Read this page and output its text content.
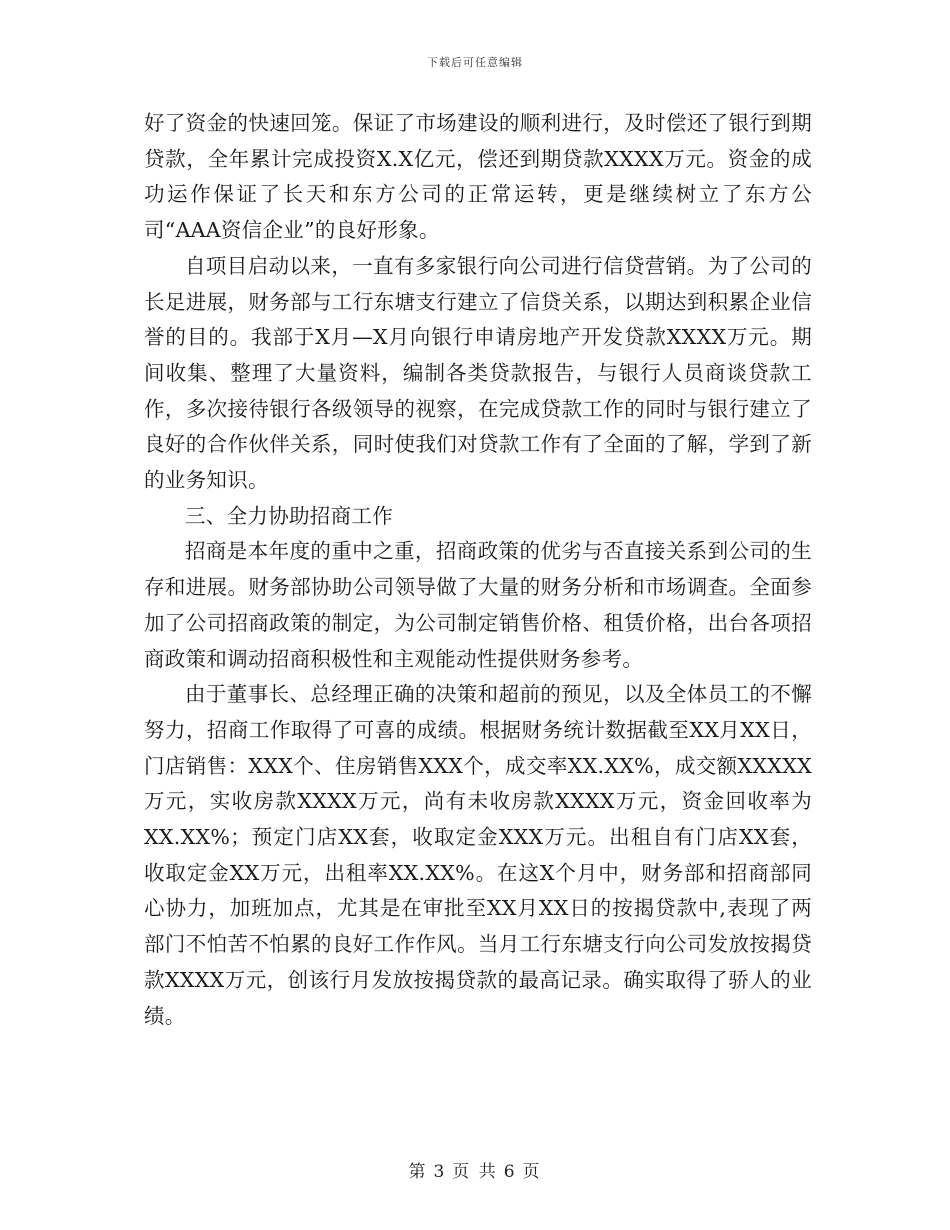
下载后可任意编辑

好了资金的快速回笼。保证了市场建设的顺利进行，及时偿还了银行到期贷款，全年累计完成投资X.X亿元，偿还到期贷款XXXX万元。资金的成功运作保证了长天和东方公司的正常运转，更是继续树立了东方公司“AAA资信企业”的良好形象。

自项目启动以来，一直有多家银行向公司进行信贷营销。为了公司的长足进展，财务部与工行东塘支行建立了信贷关系，以期达到积累企业信誉的目的。我部于X月—X月向银行申请房地产开发贷款XXXX万元。期间收集、整理了大量资料，编制各类贷款报告，与银行人员商谈贷款工作，多次接待银行各级领导的视察，在完成贷款工作的同时与银行建立了良好的合作伙伴关系，同时使我们对贷款工作有了全面的了解，学到了新的业务知识。

三、全力协助招商工作

招商是本年度的重中之重，招商政策的优劣与否直接关系到公司的生存和进展。财务部协助公司领导做了大量的财务分析和市场调查。全面参加了公司招商政策的制定，为公司制定销售价格、租赁价格，出台各项招商政策和调动招商积极性和主观能动性提供财务参考。

由于董事长、总经理正确的决策和超前的预见，以及全体员工的不懈努力，招商工作取得了可喜的成绩。根据财务统计数据截至XX月XX日，门店销售：XXX个、住房销售XXX个，成交率XX.XX%，成交额XXXXX万元，实收房款XXXX万元，尚有未收房款XXXX万元，资金回收率为XX.XX%；预定门店XX套，收取定金XXX万元。出租自有门店XX套，收取定金XX万元，出租率XX.XX%。在这X个月中，财务部和招商部同心协力，加班加点，尤其是在审批至XX月XX日的按揭贷款中,表现了两部门不怕苦不怕累的良好工作作风。当月工行东塘支行向公司发放按揭贷款XXXX万元，创该行月发放按揭贷款的最高记录。确实取得了骄人的业绩。

第 3 页 共 6 页
